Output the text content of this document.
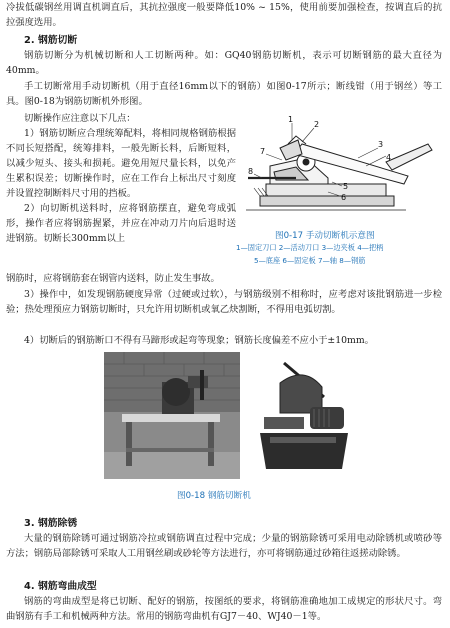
冷拔低碳钢丝用调直机调直后，其抗拉强度一般要降低10% ~ 15%，使用前要加强检查，按调直后的抗拉强度选用。

2. 钢筋切断

钢筋切断分为机械切断和人工切断两种。如：GQ40钢筋切断机，表示可切断钢筋的最大直径为40mm。

手工切断常用手动切断机（用于直径16mm以下的钢筋）如图0-17所示；断线钳（用于钢丝）等工具。图0-18为钢筋切断机外形图。

切断操作应注意以下几点：

1）钢筋切断应合理统筹配料，将相同规格钢筋根据不同长短搭配，统筹排料，一般先断长料，后断短料，以减少短头、接头和损耗。避免用短尺量长料，以免产生累积误差；切断操作时，应在工作台上标出尺寸刻度并设置控制断料尺寸用的挡板。

2）向切断机送料时，应将钢筋摆直，避免弯成弧形，操作者应将钢筋握紧，并应在冲动刀片向后退时送进钢筋。切断长300mm以上

1
2
3
4
5
6
7
8
图0-17 手动切断机示意图
1—固定刀口 2—活动刀口 3—边夹板 4—把柄
5—底座 6—固定板 7—轴 8—钢筋

钢筋时，应将钢筋套在钢管内送料，防止发生事故。

3）操作中，如发现钢筋硬度异常（过硬或过软），与钢筋级别不相称时，应考虑对该批钢筋进一步检验；热处理预应力钢筋切断时，只允许用切断机或氧乙炔割断，不得用电弧切割。

4）切断后的钢筋断口不得有马蹄形或起弯等现象；钢筋长度偏差不应小于±10mm。

图0-18 钢筋切断机
3. 钢筋除锈

大量的钢筋除锈可通过钢筋冷拉或钢筋调直过程中完成；少量的钢筋除锈可采用电动除锈机或喷砂等方法；钢筋局部除锈可采取人工用钢丝刷或砂轮等方法进行，亦可将钢筋通过砂箱往返搓动除锈。

4. 钢筋弯曲成型

钢筋的弯曲成型是将已切断、配好的钢筋，按图纸的要求，将钢筋准确地加工成规定的形状尺寸。弯曲钢筋有手工和机械两种方法。常用的钢筋弯曲机有GJ7－40、WJ40－1等。
